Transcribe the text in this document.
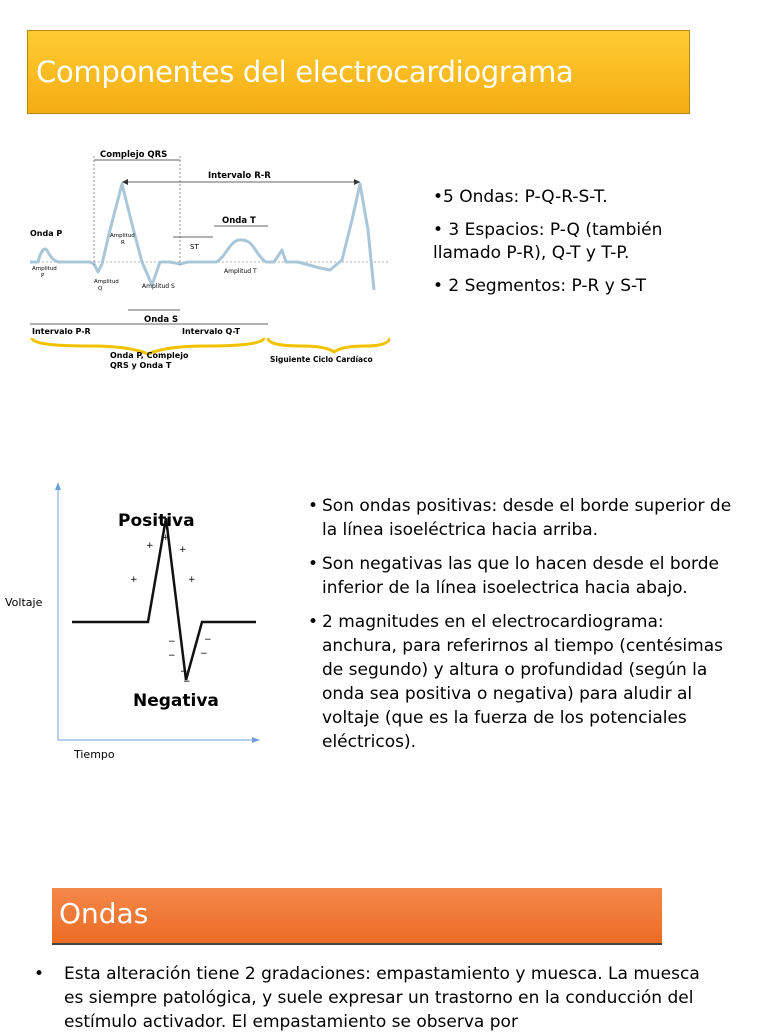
Componentes del electrocardiograma
Complejo QRS
Intervalo R-R
Onda P
Amplitud
P
Amplitud
R
Amplitud
Q
ST
Onda T
Amplitud T
Amplitud S
Onda S
Intervalo P-R	Intervalo Q-T
Onda P, Complejo
QRS y Onda T
Siguiente Ciclo Cardíaco

•5 Ondas: P-Q-R-S-T.

• 3 Espacios: P-Q (también llamado P-R), Q-T y T-P.

• 2 Segmentos: P-R y S-T

Voltaje
Tiempo
Positiva
Negativa
+
+
+
+	+
−
−
−
−
−
−
• Son ondas positivas: desde el borde superior de la línea isoeléctrica hacia arriba.
• Son negativas las que lo hacen desde el borde inferior de la línea isoelectrica hacia abajo.
• 2 magnitudes en el electrocardiograma: anchura, para referirnos al tiempo (centésimas de segundo) y altura o profundidad (según la onda sea positiva o negativa) para aludir al voltaje (que es la fuerza de los potenciales eléctricos).
Ondas
•	Esta alteración tiene 2 gradaciones: empastamiento y muesca. La muesca es siempre patológica, y suele expresar un trastorno en la conducción del estímulo activador. El empastamiento se observa por
